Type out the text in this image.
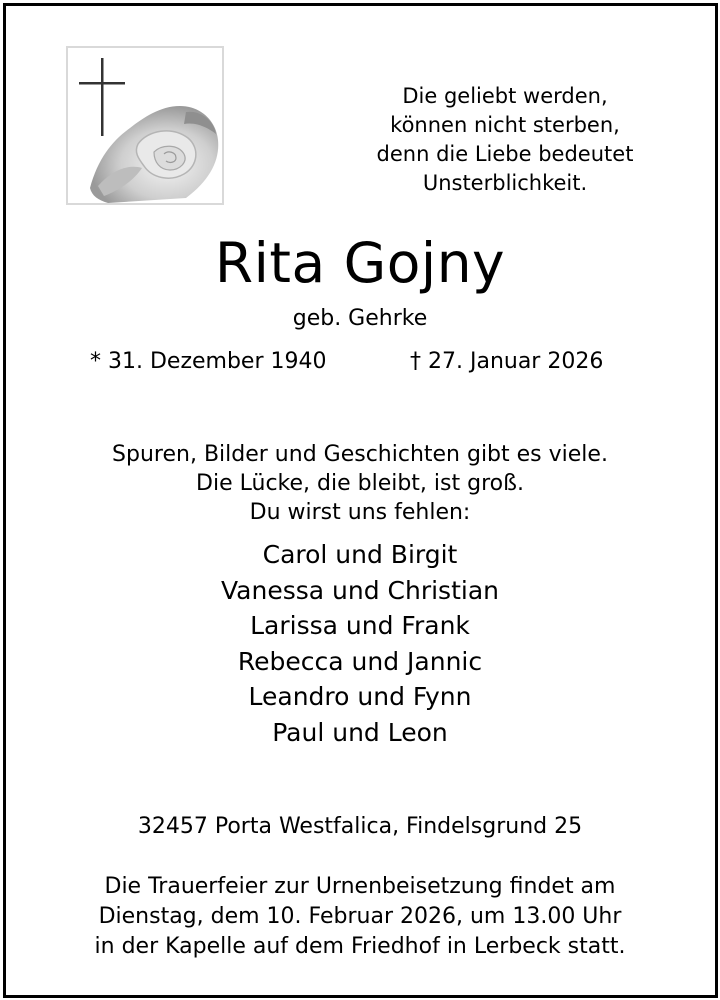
Die geliebt werden,
können nicht sterben,
denn die Liebe bedeutet
Unsterblichkeit.
Rita Gojny
geb. Gehrke
* 31. Dezember 1940	† 27. Januar 2026
Spuren, Bilder und Geschichten gibt es viele.
Die Lücke, die bleibt, ist groß.
Du wirst uns fehlen:
Carol und Birgit
Vanessa und Christian
Larissa und Frank
Rebecca und Jannic
Leandro und Fynn
Paul und Leon
32457 Porta Westfalica, Findelsgrund 25
Die Trauerfeier zur Urnenbeisetzung findet am
Dienstag, dem 10. Februar 2026, um 13.00 Uhr
in der Kapelle auf dem Friedhof in Lerbeck statt.
